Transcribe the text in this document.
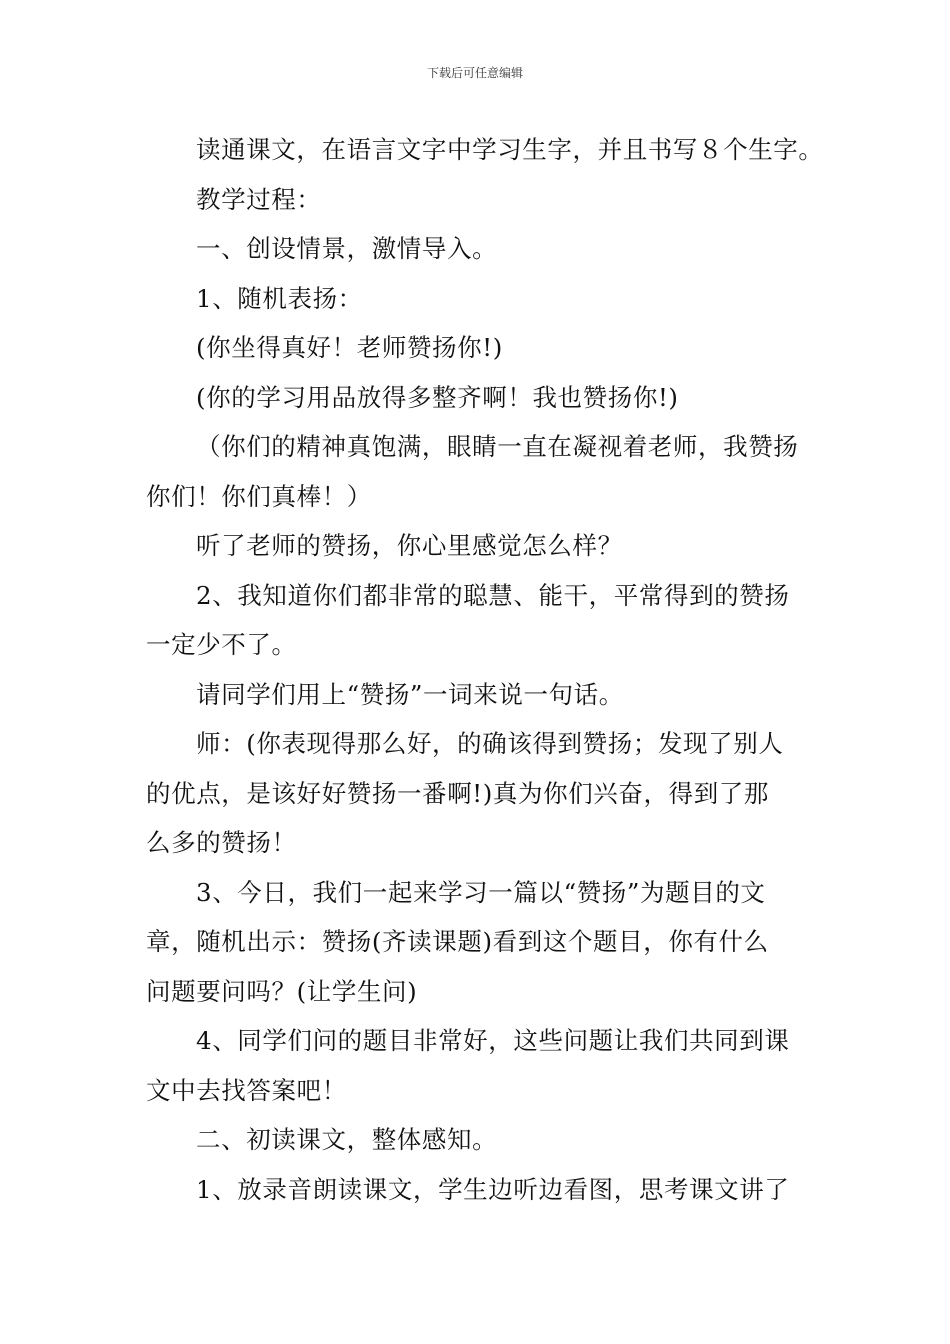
下载后可任意编辑

读通课文，在语言文字中学习生字，并且书写８个生字。

教学过程：

一、创设情景，激情导入。

1、随机表扬：

(你坐得真好！老师赞扬你!)

(你的学习用品放得多整齐啊！我也赞扬你!)

（你们的精神真饱满，眼睛一直在凝视着老师，我赞扬
你们！你们真棒！）

听了老师的赞扬，你心里感觉怎么样？

2、我知道你们都非常的聪慧、能干，平常得到的赞扬
一定少不了。

请同学们用上“赞扬”一词来说一句话。

师：(你表现得那么好，的确该得到赞扬；发现了别人
的优点，是该好好赞扬一番啊!)真为你们兴奋，得到了那
么多的赞扬！

3、今日，我们一起来学习一篇以“赞扬”为题目的文
章，随机出示：赞扬(齐读课题)看到这个题目，你有什么
问题要问吗？(让学生问)

4、同学们问的题目非常好，这些问题让我们共同到课
文中去找答案吧！

二、初读课文，整体感知。

1、放录音朗读课文，学生边听边看图，思考课文讲了
